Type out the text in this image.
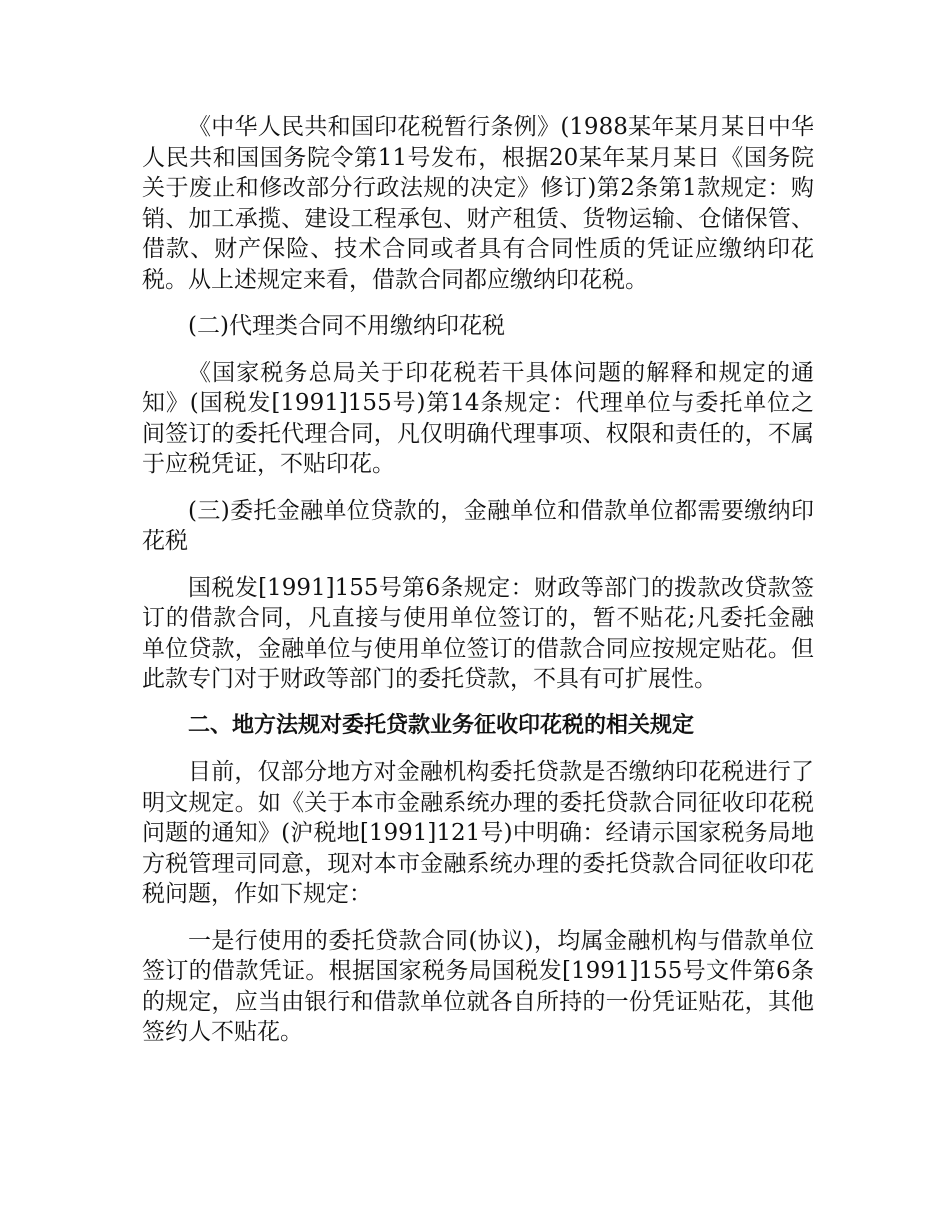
《中华人民共和国印花税暂行条例》(1988某年某月某日中华人民共和国国务院令第11号发布，根据20某年某月某日《国务院关于废止和修改部分行政法规的决定》修订)第2条第1款规定：购销、加工承揽、建设工程承包、财产租赁、货物运输、仓储保管、借款、财产保险、技术合同或者具有合同性质的凭证应缴纳印花税。从上述规定来看，借款合同都应缴纳印花税。

(二)代理类合同不用缴纳印花税

《国家税务总局关于印花税若干具体问题的解释和规定的通知》(国税发[1991]155号)第14条规定：代理单位与委托单位之间签订的委托代理合同，凡仅明确代理事项、权限和责任的，不属于应税凭证，不贴印花。

(三)委托金融单位贷款的，金融单位和借款单位都需要缴纳印花税

国税发[1991]155号第6条规定：财政等部门的拨款改贷款签订的借款合同，凡直接与使用单位签订的，暂不贴花;凡委托金融单位贷款，金融单位与使用单位签订的借款合同应按规定贴花。但此款专门对于财政等部门的委托贷款，不具有可扩展性。

二、地方法规对委托贷款业务征收印花税的相关规定

目前，仅部分地方对金融机构委托贷款是否缴纳印花税进行了明文规定。如《关于本市金融系统办理的委托贷款合同征收印花税问题的通知》(沪税地[1991]121号)中明确：经请示国家税务局地方税管理司同意，现对本市金融系统办理的委托贷款合同征收印花税问题，作如下规定：

一是行使用的委托贷款合同(协议)，均属金融机构与借款单位签订的借款凭证。根据国家税务局国税发[1991]155号文件第6条的规定，应当由银行和借款单位就各自所持的一份凭证贴花，其他签约人不贴花。
